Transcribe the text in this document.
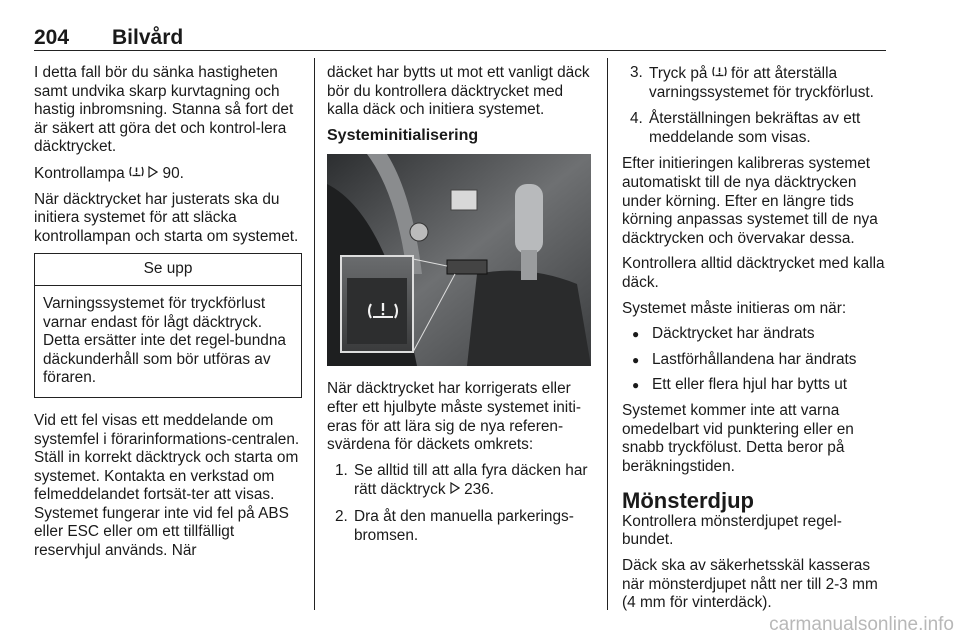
204 Bilvård

I detta fall bör du sänka hastigheten samt undvika skarp kurvtagning och hastig inbromsning. Stanna så fort det är säkert att göra det och kontrol‐lera däcktrycket.

Kontrollampa 90.

När däcktrycket har justerats ska du initiera systemet för att släcka kontrollampan och starta om systemet.

Se upp
Varningssystemet för tryckförlust varnar endast för lågt däcktryck. Detta ersätter inte det regel‐bundna däckunderhåll som bör utföras av föraren.

Vid ett fel visas ett meddelande om systemfel i förarinformations‐centralen. Ställ in korrekt däcktryck och starta om systemet. Kontakta en verkstad om felmeddelandet fortsät‐ter att visas. Systemet fungerar inte vid fel på ABS eller ESC eller om ett tillfälligt reservhjul används. När

däcket har bytts ut mot ett vanligt däck bör du kontrollera däcktrycket med kalla däck och initiera systemet.

Systeminitialisering

När däcktrycket har korrigerats eller efter ett hjulbyte måste systemet initi‐eras för att lära sig de nya referen‐svärdena för däckets omkrets:

1. Se alltid till att alla fyra däcken har rätt däcktryck 236.
2. Dra åt den manuella parkerings‐bromsen.
3. Tryck på för att återställa varningssystemet för tryckförlust.
4. Återställningen bekräftas av ett meddelande som visas.

Efter initieringen kalibreras systemet automatiskt till de nya däcktrycken under körning. Efter en längre tids körning anpassas systemet till de nya däcktrycken och övervakar dessa.

Kontrollera alltid däcktrycket med kalla däck.

Systemet måste initieras om när:

● Däcktrycket har ändrats
● Lastförhållandena har ändrats
● Ett eller flera hjul har bytts ut

Systemet kommer inte att varna omedelbart vid punktering eller en snabb tryckfölust. Detta beror på beräkningstiden.

Mönsterdjup

Kontrollera mönsterdjupet regel‐bundet.

Däck ska av säkerhetsskäl kasseras när mönsterdjupet nått ner till 2-3 mm (4 mm för vinterdäck).

carmanualsonline.info
